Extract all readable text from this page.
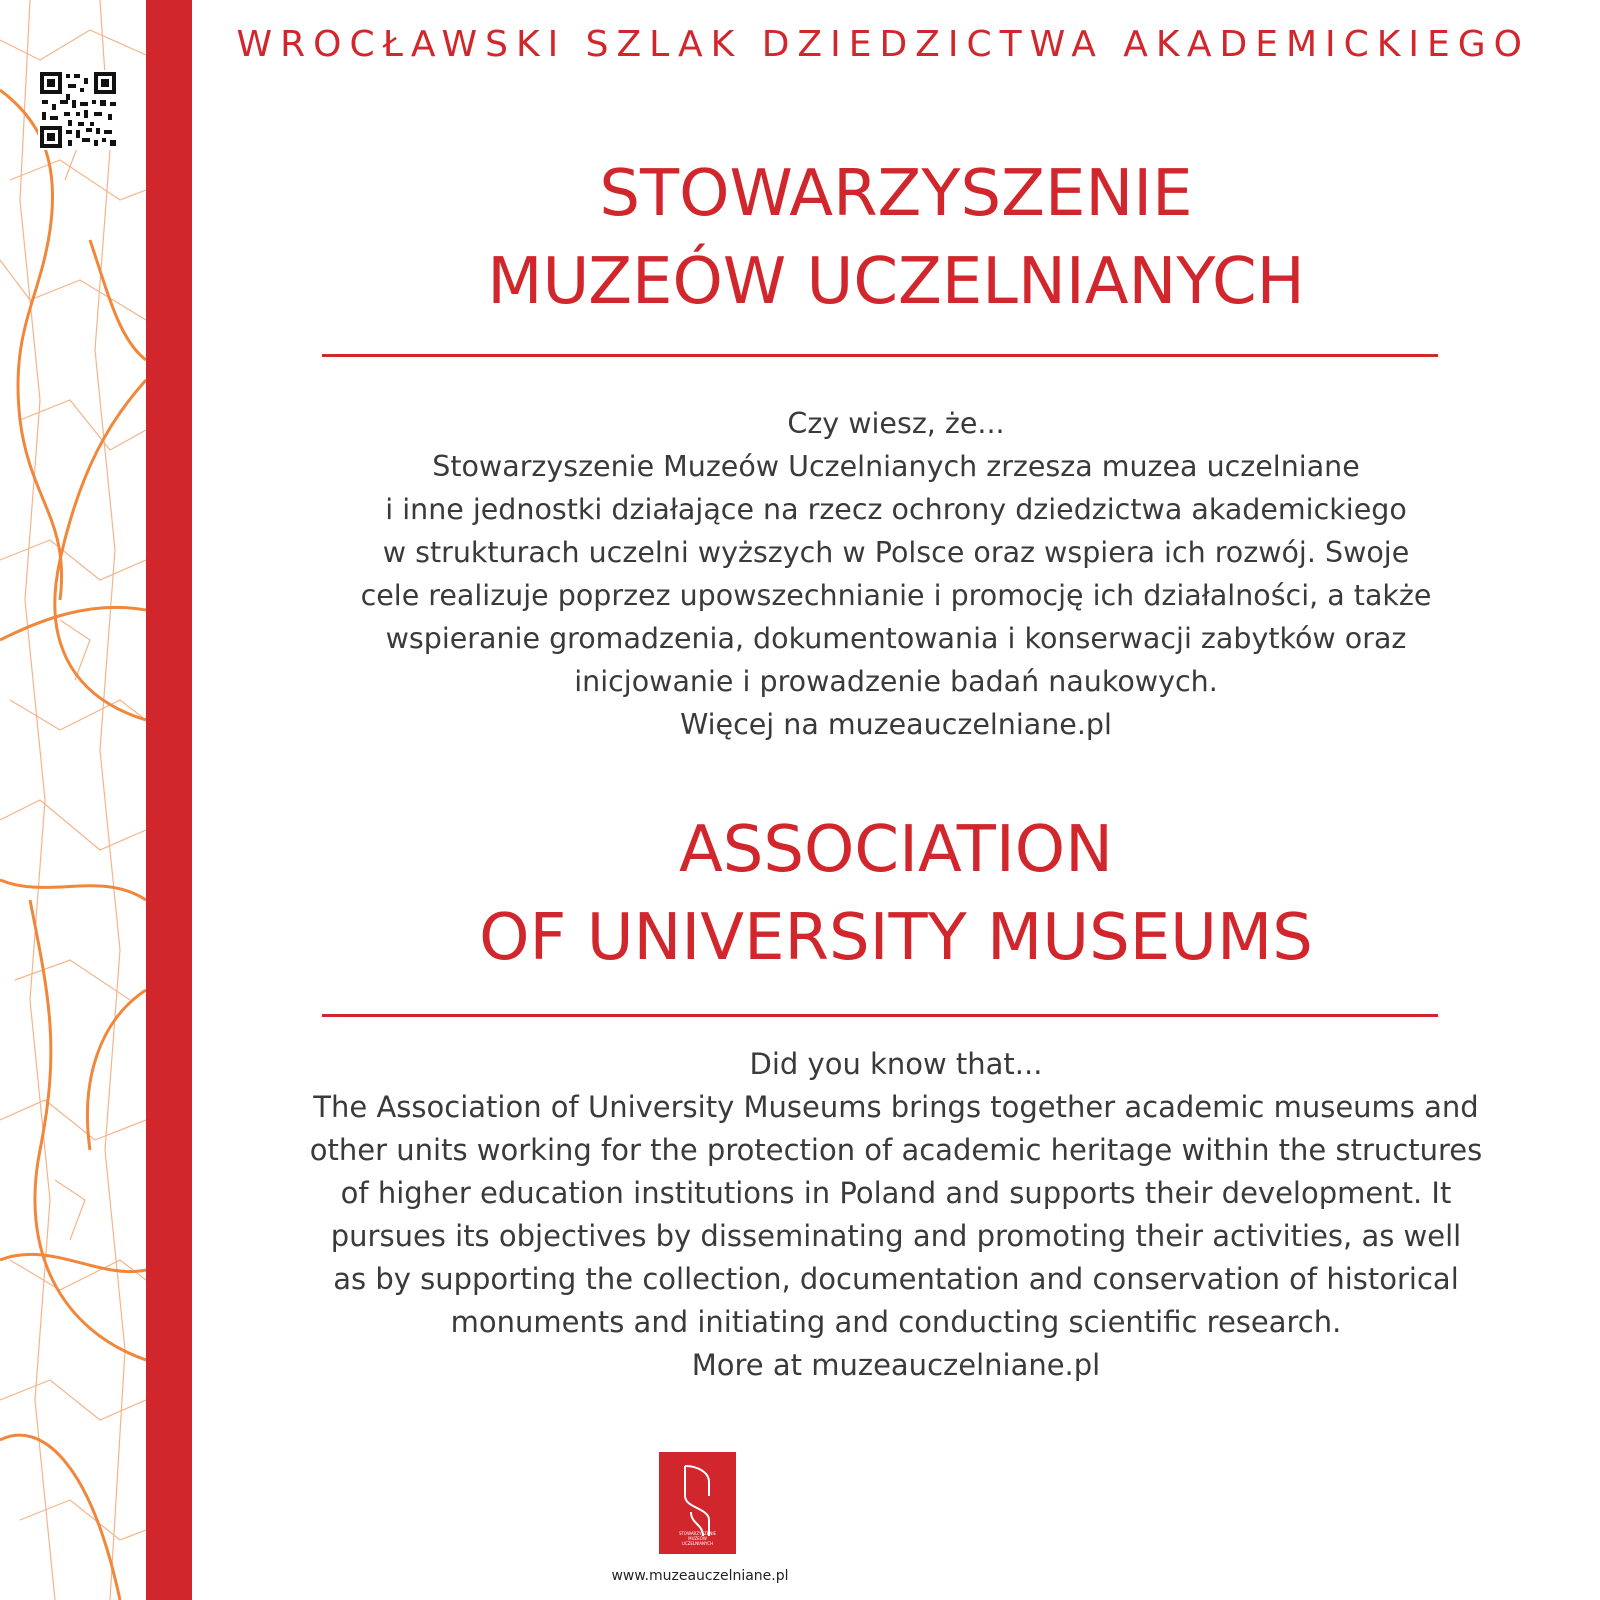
WROCŁAWSKI SZLAK DZIEDZICTWA AKADEMICKIEGO
STOWARZYSZENIE
MUZEÓW UCZELNIANYCH
Czy wiesz, że...
Stowarzyszenie Muzeów Uczelnianych zrzesza muzea uczelniane
i inne jednostki działające na rzecz ochrony dziedzictwa akademickiego
w strukturach uczelni wyższych w Polsce oraz wspiera ich rozwój. Swoje
cele realizuje poprzez upowszechnianie i promocję ich działalności, a także
wspieranie gromadzenia, dokumentowania i konserwacji zabytków oraz
inicjowanie i prowadzenie badań naukowych.
Więcej na muzeauczelniane.pl
ASSOCIATION
OF UNIVERSITY MUSEUMS
Did you know that...
The Association of University Museums brings together academic museums and
other units working for the protection of academic heritage within the structures
of higher education institutions in Poland and supports their development. It
pursues its objectives by disseminating and promoting their activities, as well
as by supporting the collection, documentation and conservation of historical
monuments and initiating and conducting scientific research.
More at muzeauczelniane.pl
STOWARZYSZENIE
MUZEÓW
UCZELNIANYCH
www.muzeauczelniane.pl
